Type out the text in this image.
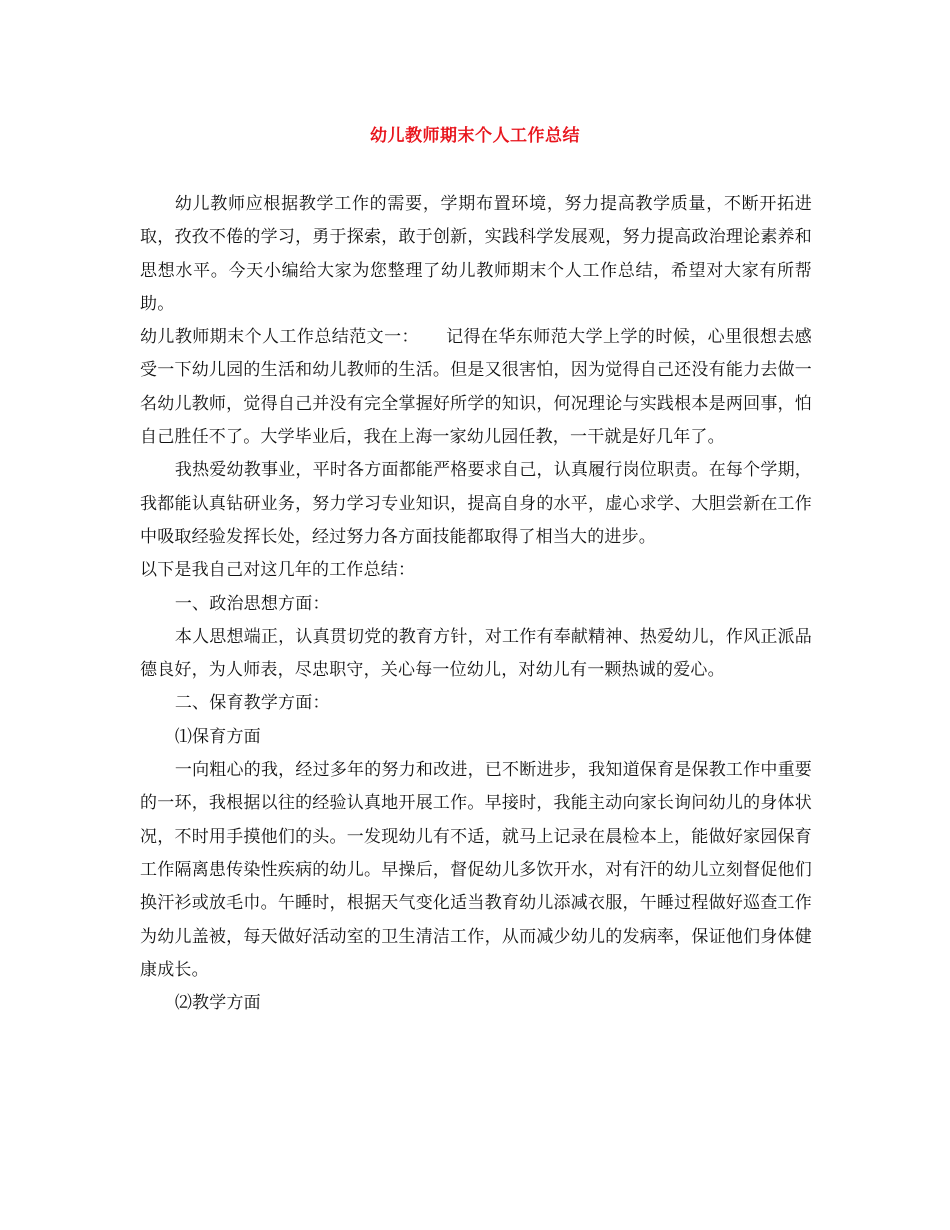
幼儿教师期末个人工作总结

幼儿教师应根据教学工作的需要，学期布置环境，努力提高教学质量，不断开拓进取，孜孜不倦的学习，勇于探索，敢于创新，实践科学发展观，努力提高政治理论素养和思想水平。今天小编给大家为您整理了幼儿教师期末个人工作总结，希望对大家有所帮助。

幼儿教师期末个人工作总结范文一： 记得在华东师范大学上学的时候，心里很想去感受一下幼儿园的生活和幼儿教师的生活。但是又很害怕，因为觉得自己还没有能力去做一名幼儿教师，觉得自己并没有完全掌握好所学的知识，何况理论与实践根本是两回事，怕自己胜任不了。大学毕业后，我在上海一家幼儿园任教，一干就是好几年了。

我热爱幼教事业，平时各方面都能严格要求自己，认真履行岗位职责。在每个学期，我都能认真钻研业务，努力学习专业知识，提高自身的水平，虚心求学、大胆尝新在工作中吸取经验发挥长处，经过努力各方面技能都取得了相当大的进步。

以下是我自己对这几年的工作总结：

一、政治思想方面：

本人思想端正，认真贯切党的教育方针，对工作有奉献精神、热爱幼儿，作风正派品德良好，为人师表，尽忠职守，关心每一位幼儿，对幼儿有一颗热诚的爱心。

二、保育教学方面：

⑴保育方面

一向粗心的我，经过多年的努力和改进，已不断进步，我知道保育是保教工作中重要的一环，我根据以往的经验认真地开展工作。早接时，我能主动向家长询问幼儿的身体状况，不时用手摸他们的头。一发现幼儿有不适，就马上记录在晨检本上，能做好家园保育工作隔离患传染性疾病的幼儿。早操后，督促幼儿多饮开水，对有汗的幼儿立刻督促他们换汗衫或放毛巾。午睡时，根据天气变化适当教育幼儿添减衣服，午睡过程做好巡查工作为幼儿盖被，每天做好活动室的卫生清洁工作，从而减少幼儿的发病率，保证他们身体健康成长。

⑵教学方面
